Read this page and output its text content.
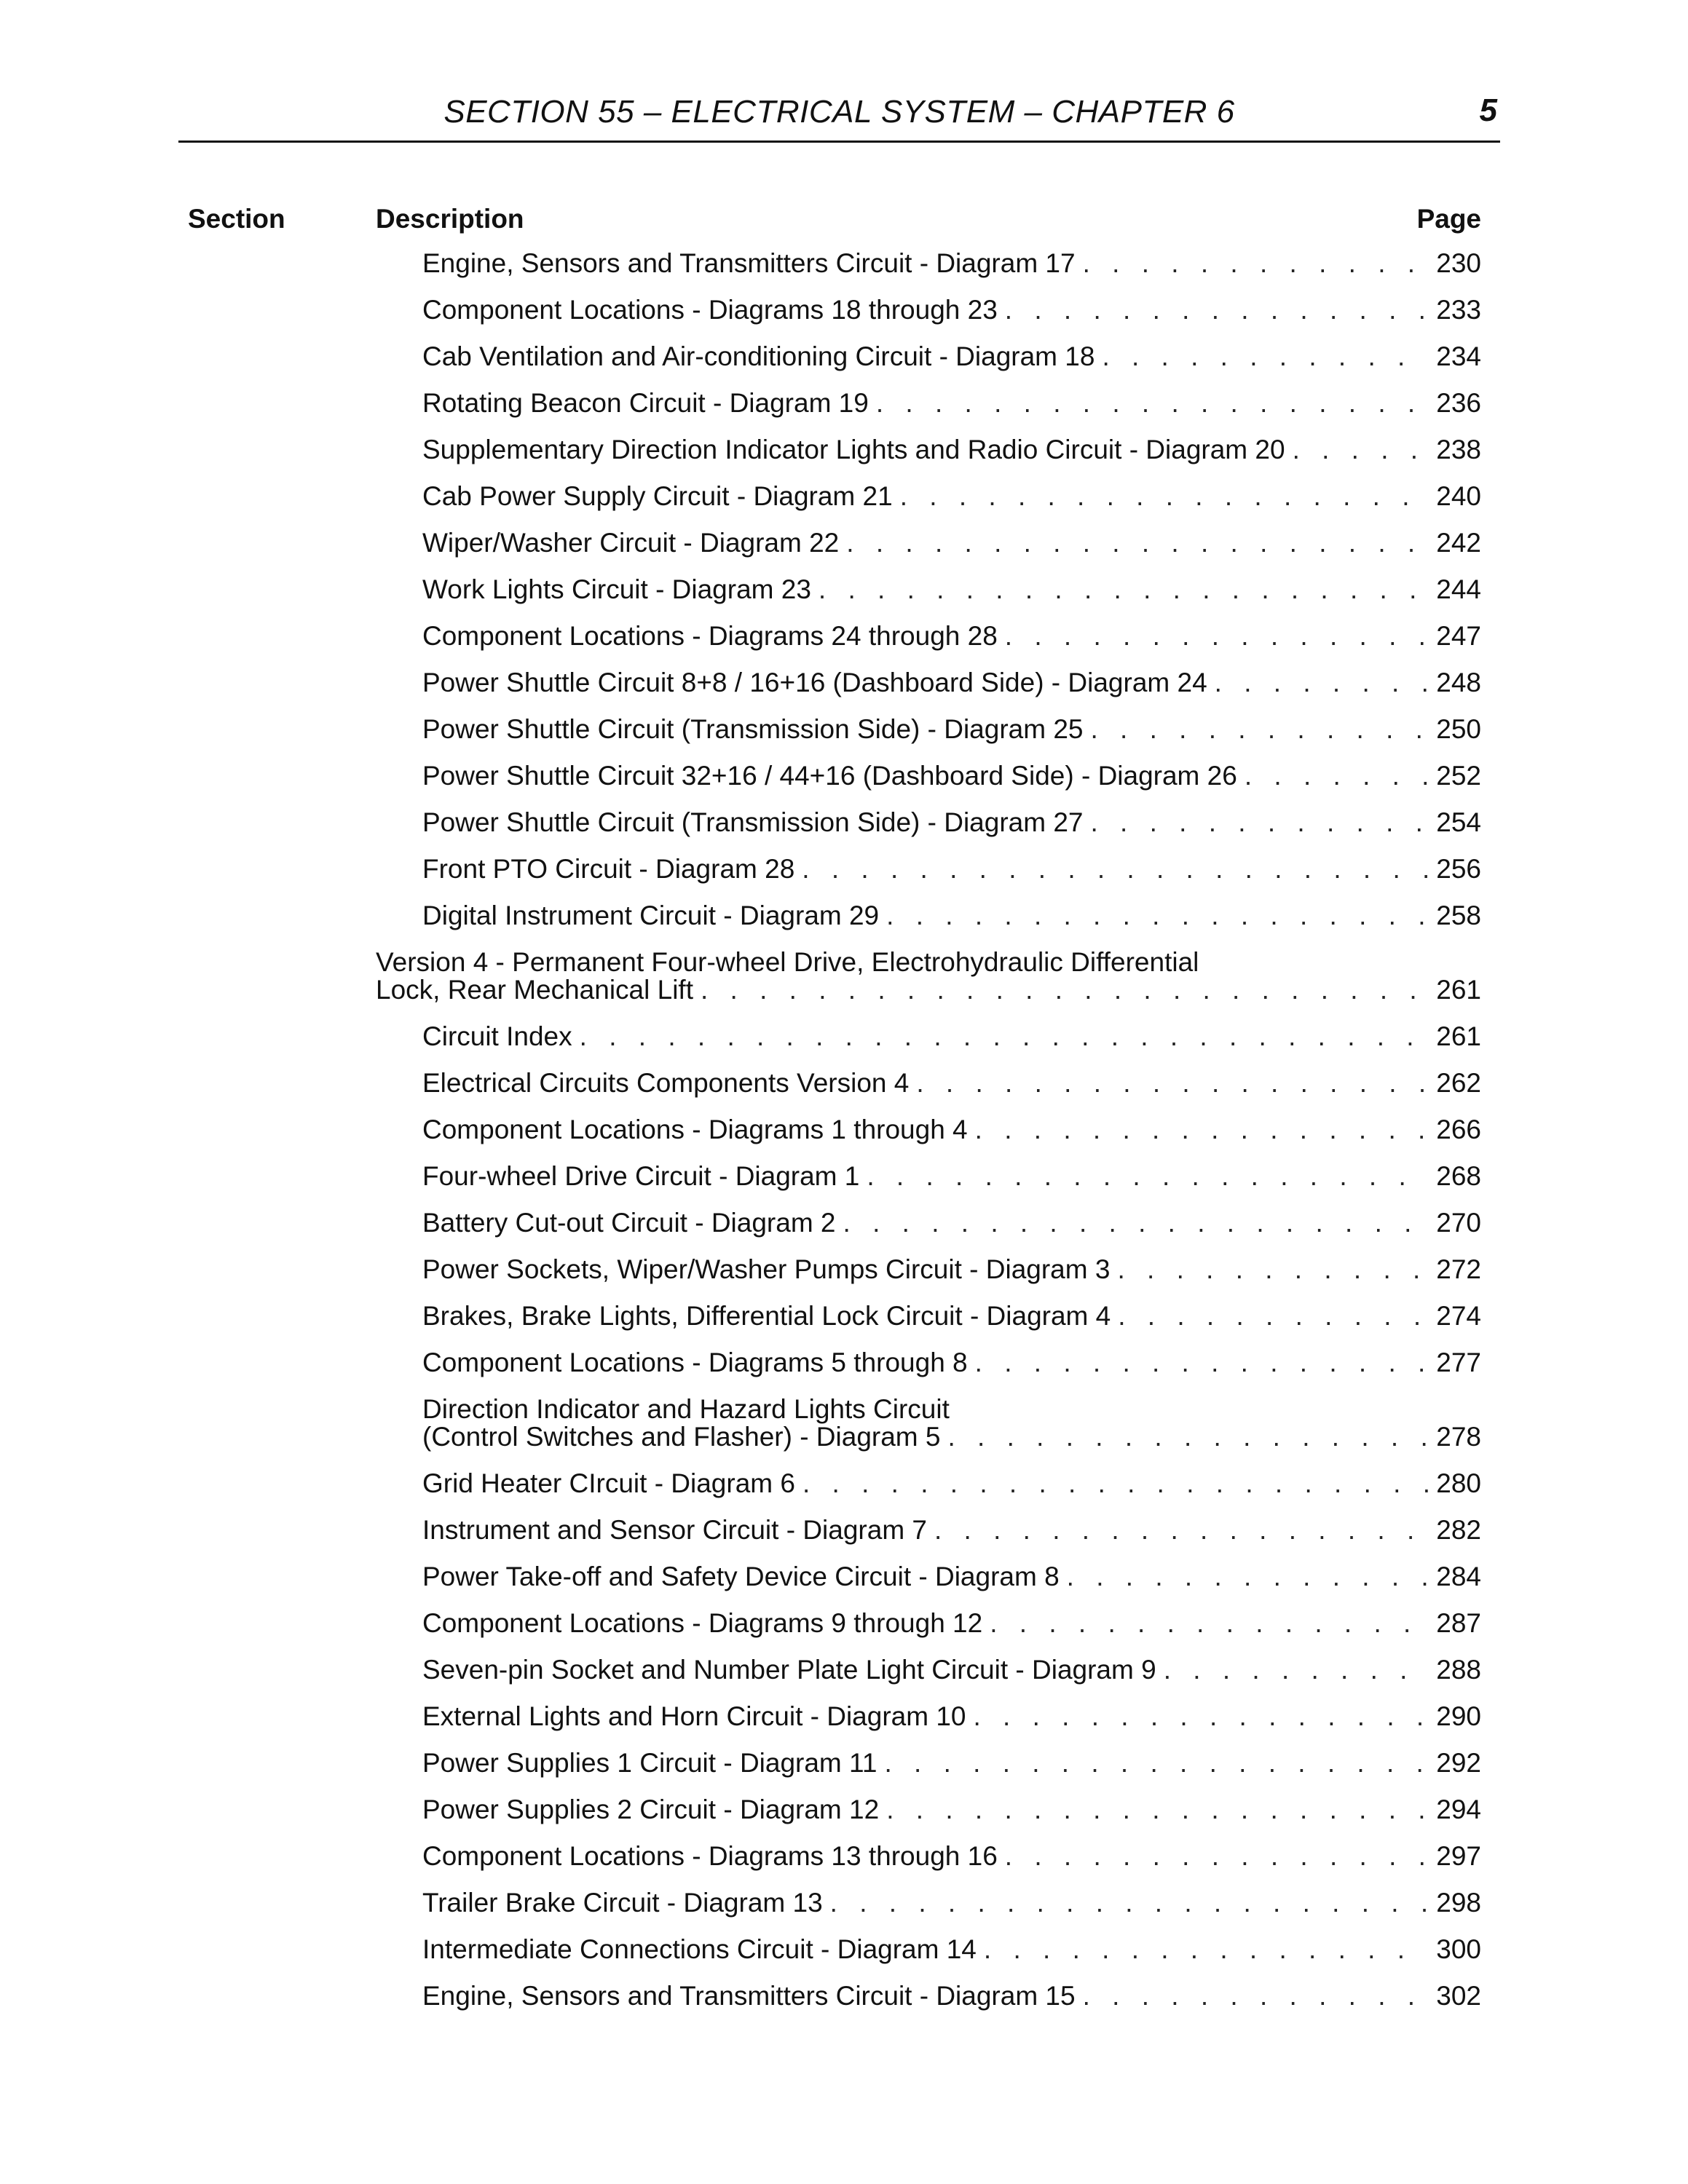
SECTION 55 – ELECTRICAL SYSTEM – CHAPTER 6	5
Section	Description	Page
Engine, Sensors and Transmitters Circuit - Diagram 17 . . .	230
Component Locations - Diagrams 18 through 23 . . .	233
Cab Ventilation and Air-conditioning Circuit - Diagram 18 . . .	234
Rotating Beacon Circuit - Diagram 19 . . .	236
Supplementary Direction Indicator Lights and Radio Circuit - Diagram 20 . . .	238
Cab Power Supply Circuit - Diagram 21 . . .	240
Wiper/Washer Circuit - Diagram 22 . . .	242
Work Lights Circuit - Diagram 23 . . .	244
Component Locations - Diagrams 24 through 28 . . .	247
Power Shuttle Circuit 8+8 / 16+16 (Dashboard Side) - Diagram 24 . . .	248
Power Shuttle Circuit (Transmission Side) - Diagram 25 . . .	250
Power Shuttle Circuit 32+16 / 44+16 (Dashboard Side) - Diagram 26 . . .	252
Power Shuttle Circuit (Transmission Side) - Diagram 27 . . .	254
Front PTO Circuit - Diagram 28 . . .	256
Digital Instrument Circuit - Diagram 29 . . .	258
Version 4 - Permanent Four-wheel Drive, Electrohydraulic Differential
Lock, Rear Mechanical Lift . . .	261
Circuit Index . . .	261
Electrical Circuits Components Version 4 . . .	262
Component Locations - Diagrams 1 through 4 . . .	266
Four-wheel Drive Circuit - Diagram 1 . . .	268
Battery Cut-out Circuit - Diagram 2 . . .	270
Power Sockets, Wiper/Washer Pumps Circuit - Diagram 3 . . .	272
Brakes, Brake Lights, Differential Lock Circuit - Diagram 4 . . .	274
Component Locations - Diagrams 5 through 8 . . .	277
Direction Indicator and Hazard Lights Circuit
(Control Switches and Flasher) - Diagram 5 . . .	278
Grid Heater CIrcuit - Diagram 6 . . .	280
Instrument and Sensor Circuit - Diagram 7 . . .	282
Power Take-off and Safety Device Circuit - Diagram 8 . . .	284
Component Locations - Diagrams 9 through 12 . . .	287
Seven-pin Socket and Number Plate Light Circuit - Diagram 9 . . .	288
External Lights and Horn Circuit - Diagram 10 . . .	290
Power Supplies 1 Circuit - Diagram 11 . . .	292
Power Supplies 2 Circuit - Diagram 12 . . .	294
Component Locations - Diagrams 13 through 16 . . .	297
Trailer Brake Circuit - Diagram 13 . . .	298
Intermediate Connections Circuit - Diagram 14 . . .	300
Engine, Sensors and Transmitters Circuit - Diagram 15 . . .	302
